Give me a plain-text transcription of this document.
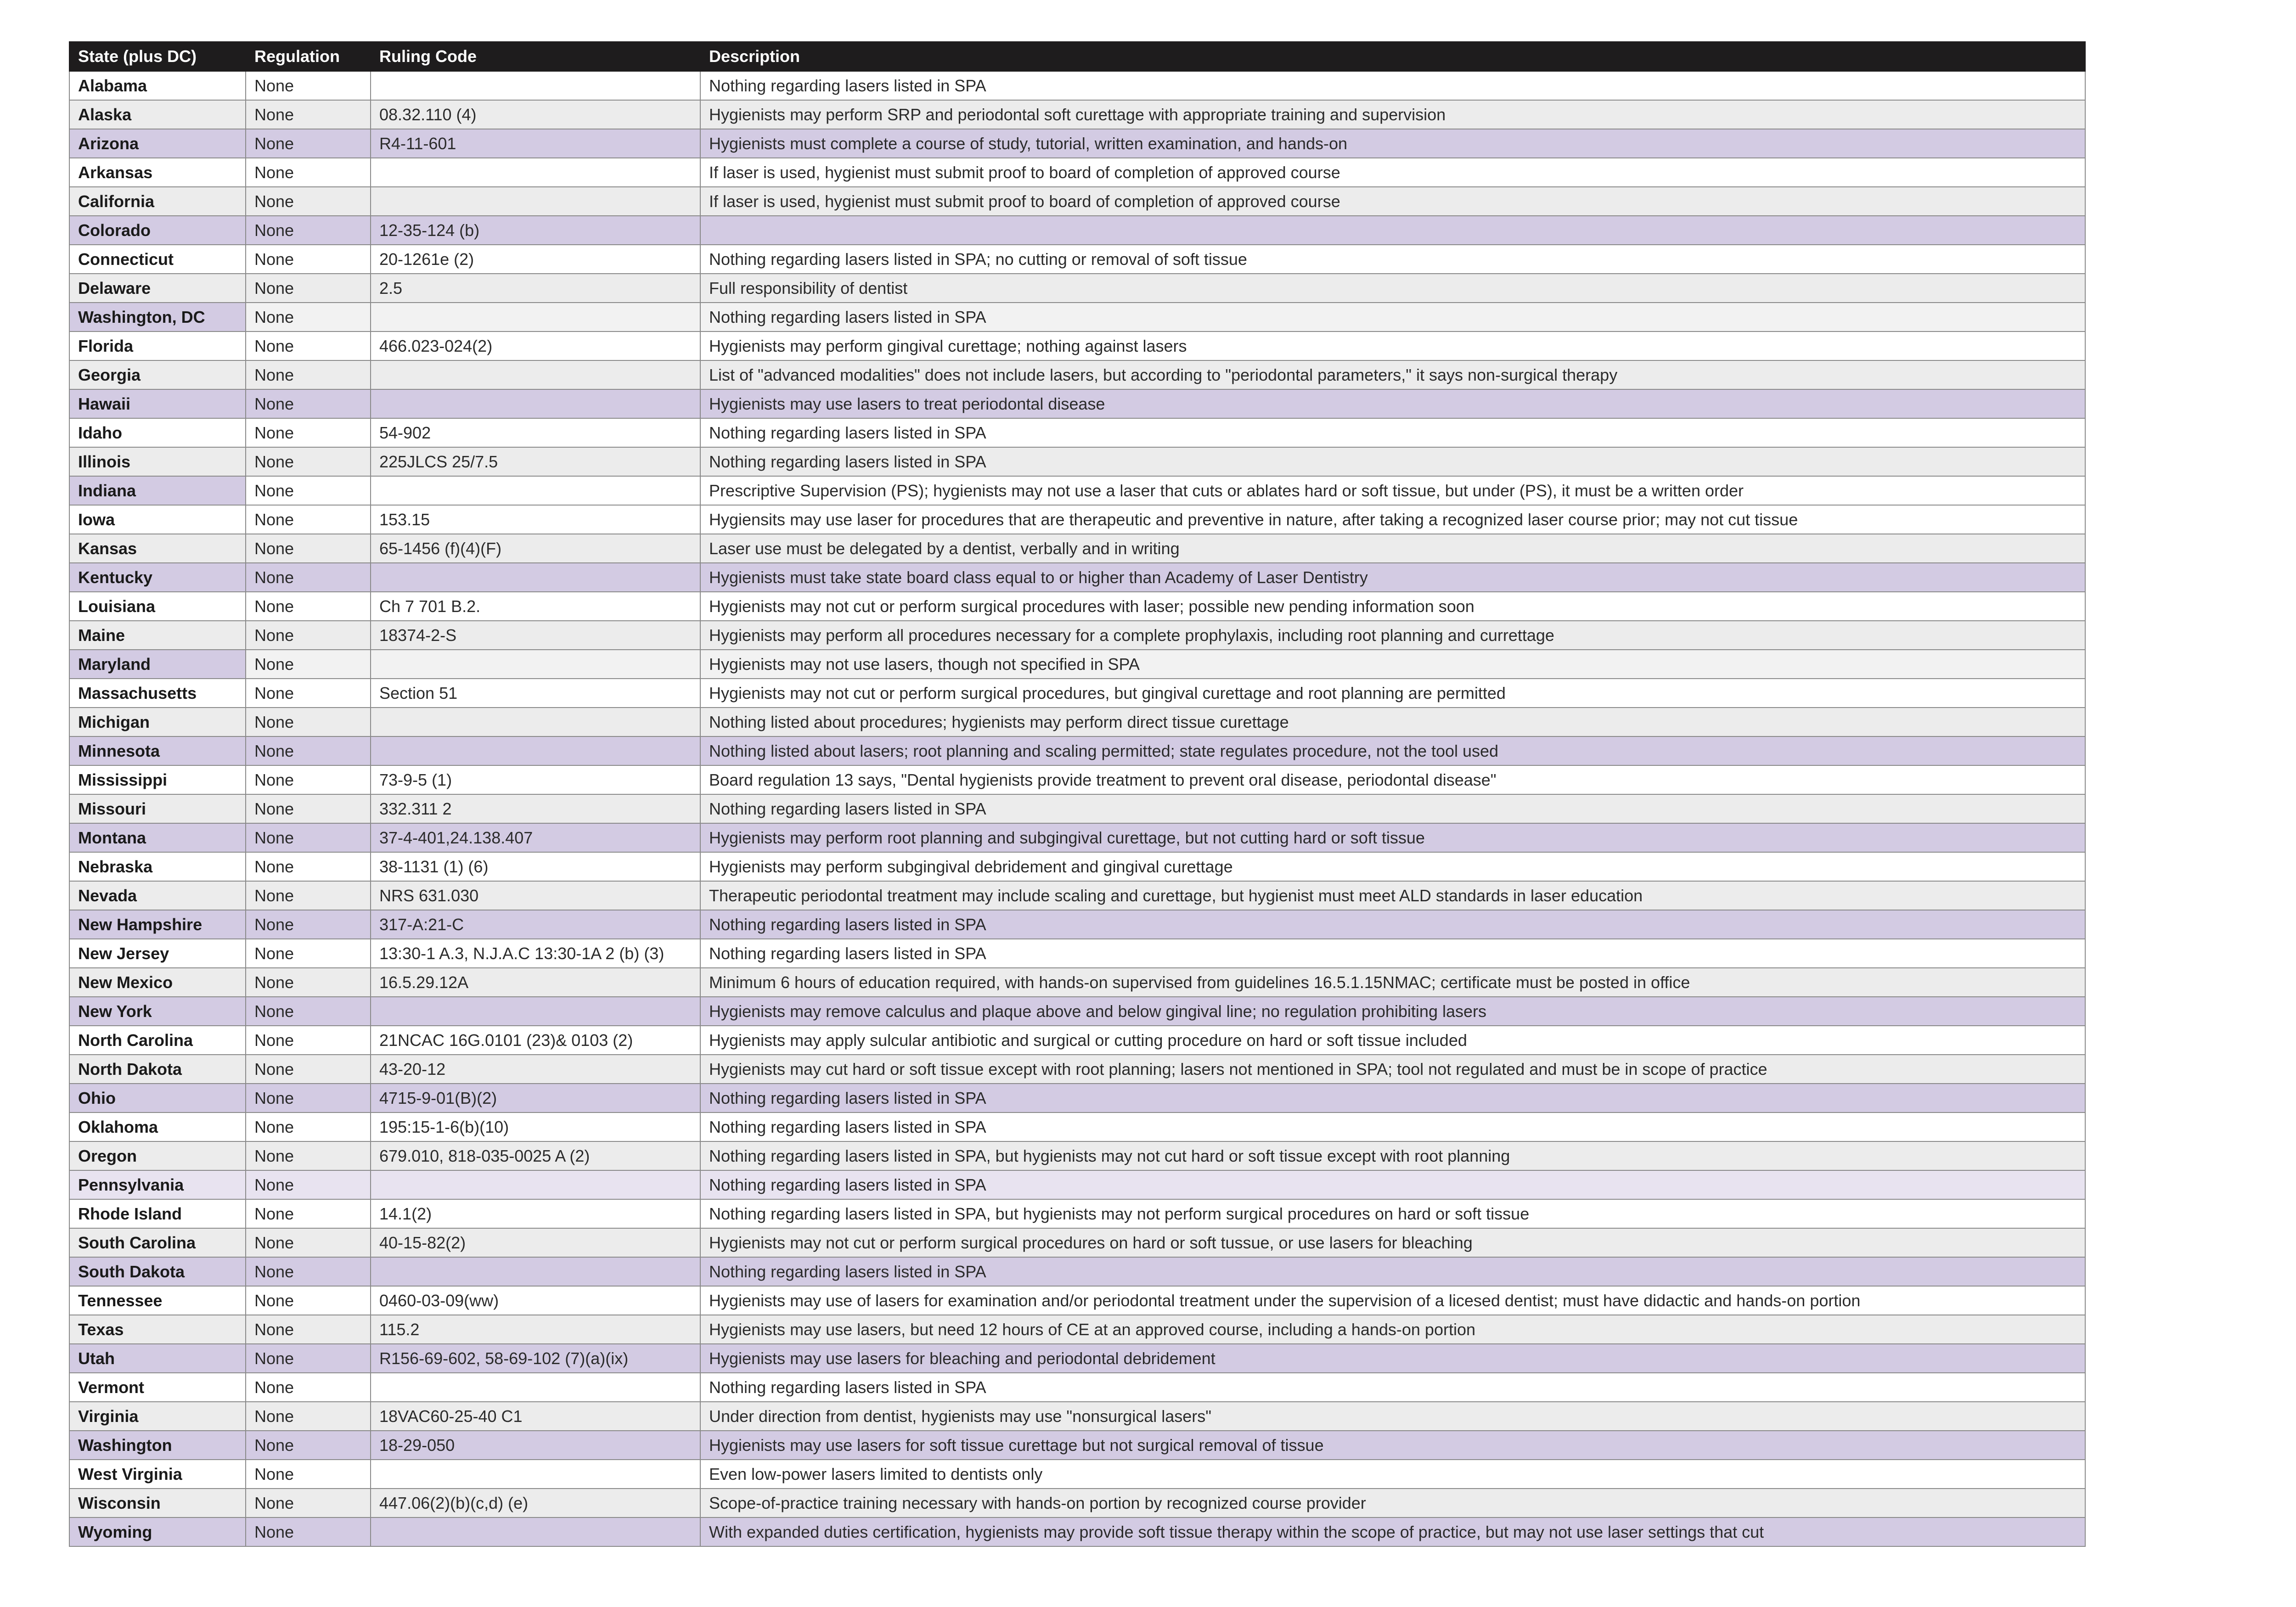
State (plus DC)	Regulation	Ruling Code	Description
Alabama	None		Nothing regarding lasers listed in SPA
Alaska	None	08.32.110 (4)	Hygienists may perform SRP and periodontal soft curettage with appropriate training and supervision
Arizona	None	R4-11-601	Hygienists must complete a course of study, tutorial, written examination, and hands-on
Arkansas	None		If laser is used, hygienist must submit proof to board of completion of approved course
California	None		If laser is used, hygienist must submit proof to board of completion of approved course
Colorado	None	12-35-124 (b)	
Connecticut	None	20-1261e (2)	Nothing regarding lasers listed in SPA; no cutting or removal of soft tissue
Delaware	None	2.5	Full responsibility of dentist
Washington, DC	None		Nothing regarding lasers listed in SPA
Florida	None	466.023-024(2)	Hygienists may perform gingival curettage; nothing against lasers
Georgia	None		List of "advanced modalities" does not include lasers, but according to "periodontal parameters," it says non-surgical therapy
Hawaii	None		Hygienists may use lasers to treat periodontal disease
Idaho	None	54-902	Nothing regarding lasers listed in SPA
Illinois	None	225JLCS 25/7.5	Nothing regarding lasers listed in SPA
Indiana	None		Prescriptive Supervision (PS); hygienists may not use a laser that cuts or ablates hard or soft tissue, but under (PS), it must be a written order
Iowa	None	153.15	Hygiensits may use laser for procedures that are therapeutic and preventive in nature, after taking a recognized laser course prior; may not cut tissue
Kansas	None	65-1456 (f)(4)(F)	Laser use must be delegated by a dentist, verbally and in writing
Kentucky	None		Hygienists must take state board class equal to or higher than Academy of Laser Dentistry
Louisiana	None	Ch 7 701 B.2.	Hygienists may not cut or perform surgical procedures with laser; possible new pending information soon
Maine	None	18374-2-S	Hygienists may perform all procedures necessary for a complete prophylaxis, including root planning and currettage
Maryland	None		Hygienists may not use lasers, though not specified in SPA
Massachusetts	None	Section 51	Hygienists may not cut or perform surgical procedures, but gingival curettage and root planning are permitted
Michigan	None		Nothing listed about procedures; hygienists may perform direct tissue curettage
Minnesota	None		Nothing listed about lasers; root planning and scaling permitted; state regulates procedure, not the tool used
Mississippi	None	73-9-5 (1)	Board regulation 13 says, "Dental hygienists provide treatment to prevent oral disease, periodontal disease"
Missouri	None	332.311 2	Nothing regarding lasers listed in SPA
Montana	None	37-4-401,24.138.407	Hygienists may perform root planning and subgingival curettage, but not cutting hard or soft tissue
Nebraska	None	38-1131 (1) (6)	Hygienists may perform subgingival debridement and gingival curettage
Nevada	None	NRS 631.030	Therapeutic periodontal treatment may include scaling and curettage, but hygienist must meet ALD standards in laser education
New Hampshire	None	317-A:21-C	Nothing regarding lasers listed in SPA
New Jersey	None	13:30-1 A.3, N.J.A.C 13:30-1A 2 (b) (3)	Nothing regarding lasers listed in SPA
New Mexico	None	16.5.29.12A	Minimum 6 hours of education required, with hands-on supervised from guidelines 16.5.1.15NMAC; certificate must be posted in office
New York	None		Hygienists may remove calculus and plaque above and below gingival line; no regulation prohibiting lasers
North Carolina	None	21NCAC 16G.0101 (23)& 0103 (2)	Hygienists may apply sulcular antibiotic and surgical or cutting procedure on hard or soft tissue included
North Dakota	None	43-20-12	Hygienists may cut hard or soft tissue except with root planning; lasers not mentioned in SPA; tool not regulated and must be in scope of practice
Ohio	None	4715-9-01(B)(2)	Nothing regarding lasers listed in SPA
Oklahoma	None	195:15-1-6(b)(10)	Nothing regarding lasers listed in SPA
Oregon	None	679.010, 818-035-0025 A (2)	Nothing regarding lasers listed in SPA, but hygienists may not cut hard or soft tissue except with root planning
Pennsylvania	None		Nothing regarding lasers listed in SPA
Rhode Island	None	14.1(2)	Nothing regarding lasers listed in SPA, but hygienists may not perform surgical procedures on hard or soft tissue
South Carolina	None	40-15-82(2)	Hygienists may not cut or perform surgical procedures on hard or soft tussue, or use lasers for bleaching
South Dakota	None		Nothing regarding lasers listed in SPA
Tennessee	None	0460-03-09(ww)	Hygienists may use of lasers for examination and/or periodontal treatment under the supervision of a licesed dentist; must have didactic and hands-on portion
Texas	None	115.2	Hygienists may use lasers, but need 12 hours of CE at an approved course, including a hands-on portion
Utah	None	R156-69-602, 58-69-102 (7)(a)(ix)	Hygienists may use lasers for bleaching and periodontal debridement
Vermont	None		Nothing regarding lasers listed in SPA
Virginia	None	18VAC60-25-40 C1	Under direction from dentist, hygienists may use "nonsurgical lasers"
Washington	None	18-29-050	Hygienists may use lasers for soft tissue curettage but not surgical removal of tissue
West Virginia	None		Even low-power lasers limited to dentists only
Wisconsin	None	447.06(2)(b)(c,d) (e)	Scope-of-practice training necessary with hands-on portion by recognized course provider
Wyoming	None		With expanded duties certification, hygienists may provide soft tissue therapy within the scope of practice, but may not use laser settings that cut
